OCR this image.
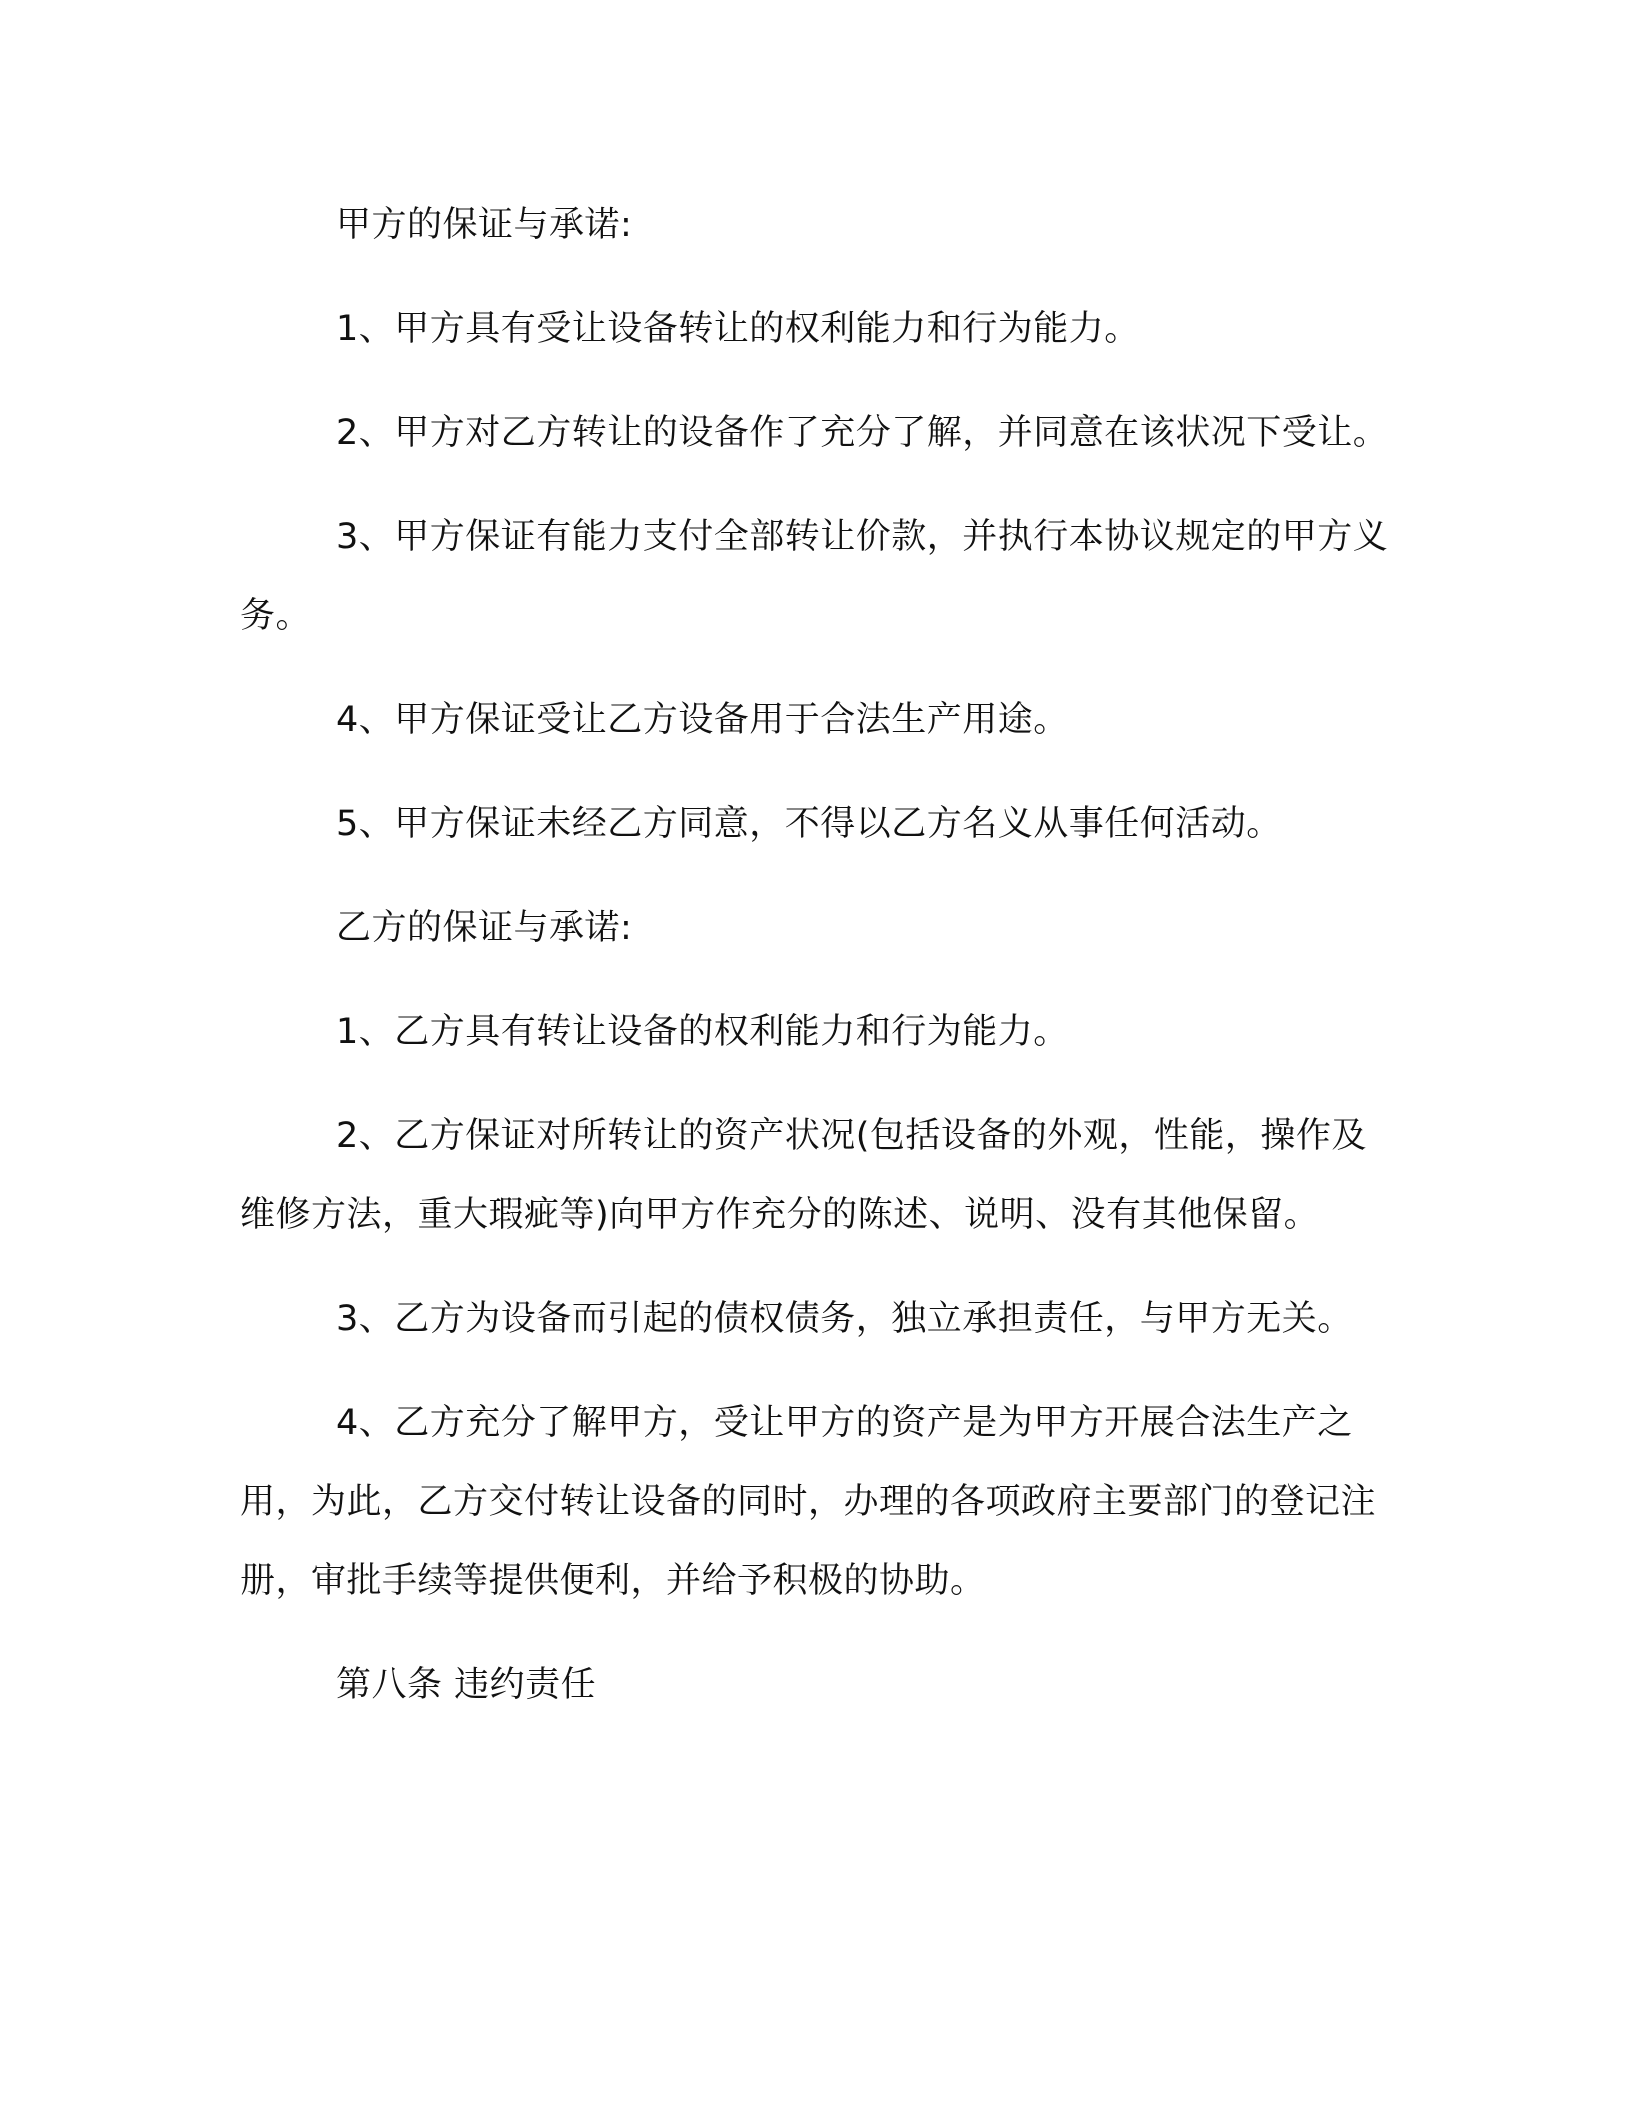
甲方的保证与承诺:

1、甲方具有受让设备转让的权利能力和行为能力。

2、甲方对乙方转让的设备作了充分了解，并同意在该状况下受让。

3、甲方保证有能力支付全部转让价款，并执行本协议规定的甲方义务。

4、甲方保证受让乙方设备用于合法生产用途。

5、甲方保证未经乙方同意，不得以乙方名义从事任何活动。

乙方的保证与承诺:

1、乙方具有转让设备的权利能力和行为能力。

2、乙方保证对所转让的资产状况(包括设备的外观，性能，操作及维修方法，重大瑕疵等)向甲方作充分的陈述、说明、没有其他保留。

3、乙方为设备而引起的债权债务，独立承担责任，与甲方无关。

4、乙方充分了解甲方，受让甲方的资产是为甲方开展合法生产之用，为此，乙方交付转让设备的同时，办理的各项政府主要部门的登记注册，审批手续等提供便利，并给予积极的协助。

第八条 违约责任
